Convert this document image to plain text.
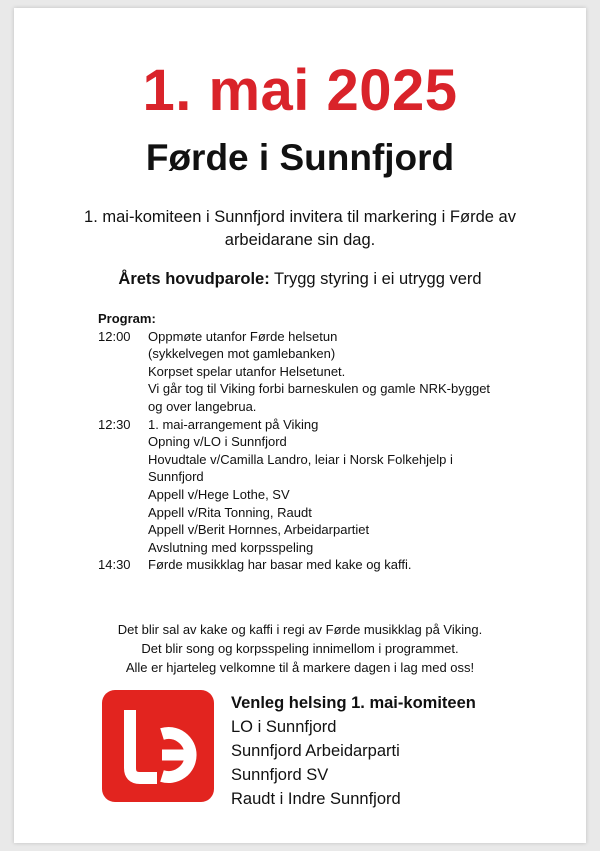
1. mai 2025
Førde i Sunnfjord
1. mai-komiteen i Sunnfjord invitera til markering i Førde av arbeidarane sin dag.
Årets hovudparole: Trygg styring i ei utrygg verd
Program:
12:00	Oppmøte utanfor Førde helsetun
(sykkelvegen mot gamlebanken)
Korpset spelar utanfor Helsetunet.
Vi går tog til Viking forbi barneskulen og gamle NRK-bygget
og over langebrua.
12:30	1. mai-arrangement på Viking
Opning v/LO i Sunnfjord
Hovudtale v/Camilla Landro, leiar i Norsk Folkehjelp i
Sunnfjord
Appell v/Hege Lothe, SV
Appell v/Rita Tonning, Raudt
Appell v/Berit Hornnes, Arbeidarpartiet
Avslutning med korpsspeling
14:30	Førde musikklag har basar med kake og kaffi.
Det blir sal av kake og kaffi i regi av Førde musikklag på Viking.
Det blir song og korpsspeling innimellom i programmet.
Alle er hjarteleg velkomne til å markere dagen i lag med oss!
Venleg helsing 1. mai-komiteen
LO i Sunnfjord
Sunnfjord Arbeidarparti
Sunnfjord SV
Raudt i Indre Sunnfjord
